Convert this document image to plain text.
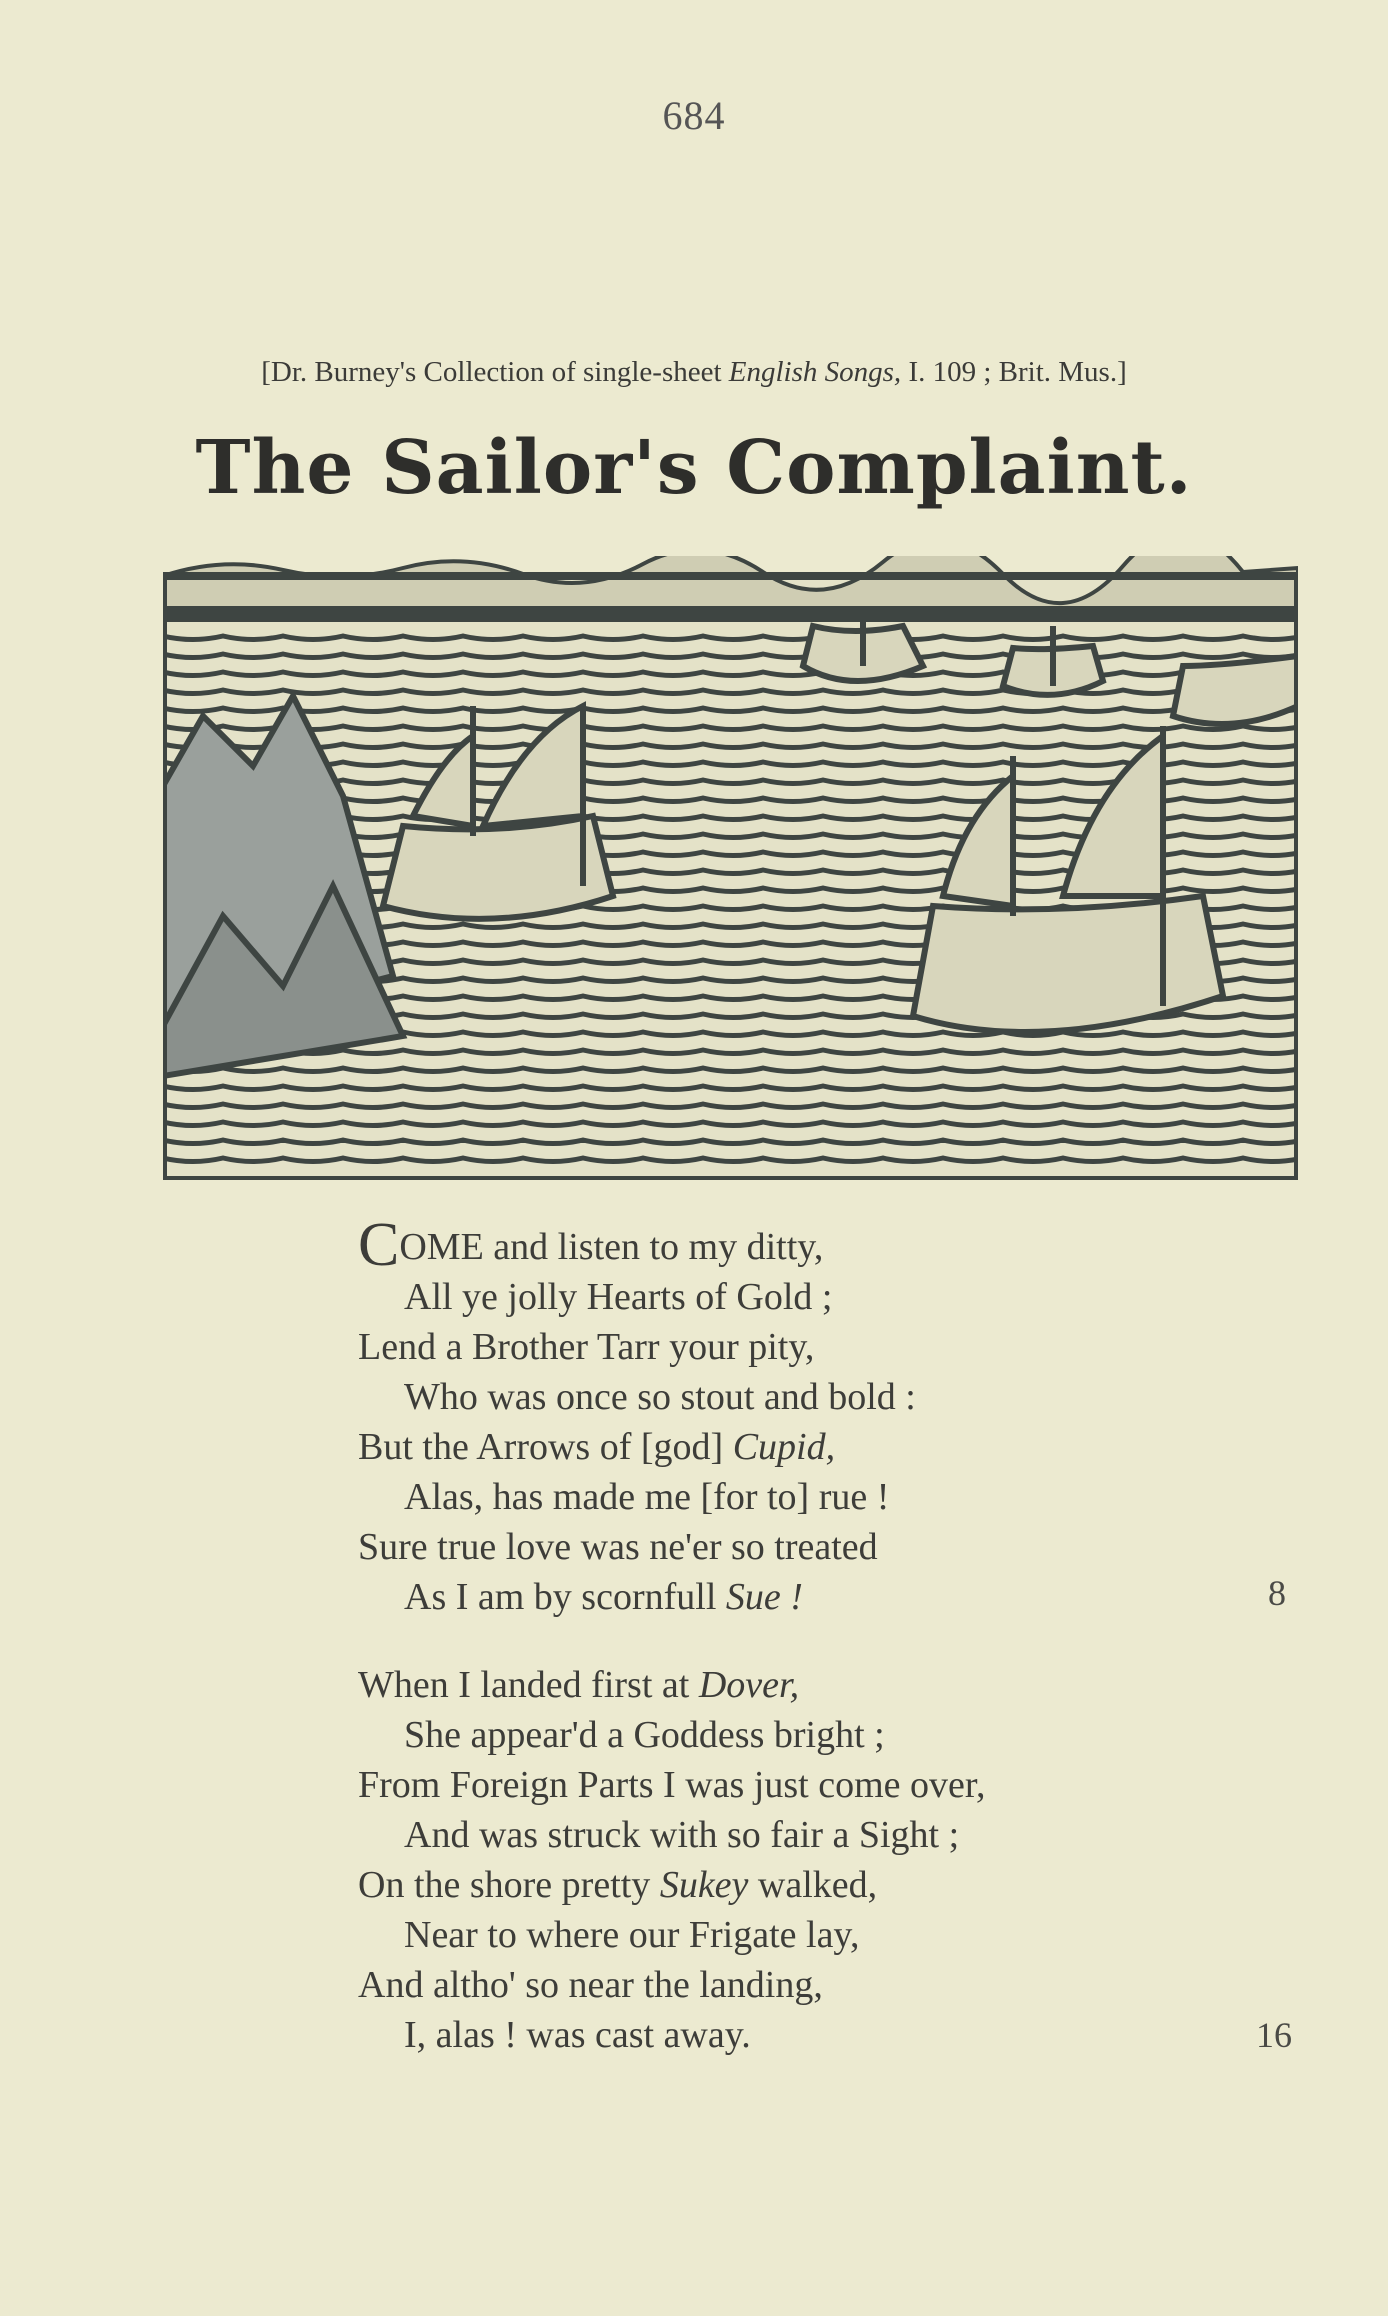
684
[Dr. Burney's Collection of single-sheet English Songs, I. 109 ; Brit. Mus.]
The Sailor's Complaint.
COME and listen to my ditty,
All ye jolly Hearts of Gold ;
Lend a Brother Tarr your pity,
Who was once so stout and bold :
But the Arrows of [god] Cupid,
Alas, has made me [for to] rue !
Sure true love was ne'er so treated
As I am by scornfull Sue !	8
When I landed first at Dover,
She appear'd a Goddess bright ;
From Foreign Parts I was just come over,
And was struck with so fair a Sight ;
On the shore pretty Sukey walked,
Near to where our Frigate lay,
And altho' so near the landing,
I, alas ! was cast away.	16
